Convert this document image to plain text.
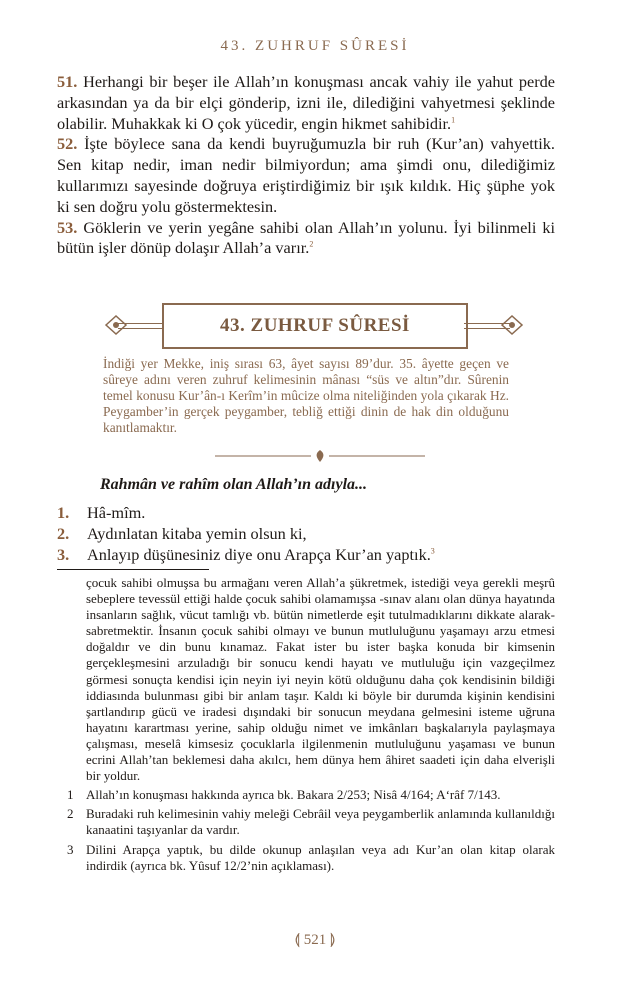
43. ZUHRUF SÛRESİ

51. Herhangi bir beşer ile Allah’ın konuşması ancak vahiy ile yahut perde arkasından ya da bir elçi gönderip, izni ile, dilediğini vahyetmesi şeklinde olabilir. Muhakkak ki O çok yücedir, engin hikmet sahibidir.$^1$

52. İşte böylece sana da kendi buyruğumuzla bir ruh (Kur’an) vahyettik. Sen kitap nedir, iman nedir bilmiyordun; ama şimdi onu, dilediğimiz kullarımızı sayesinde doğruya eriştirdiğimiz bir ışık kıldık. Hiç şüphe yok ki sen doğru yolu göstermektesin.

53. Göklerin ve yerin yegâne sahibi olan Allah’ın yolunu. İyi bilinmeli ki bütün işler dönüp dolaşır Allah’a varır.$^2$

43. ZUHRUF SÛRESİ
İndiği yer Mekke, iniş sırası 63, âyet sayısı 89’dur. 35. âyette geçen ve sûreye adını veren zuhruf kelimesinin mânası “süs ve altın”dır. Sûrenin temel konusu Kur’ân-ı Kerîm’in mûcize olma niteliğinden yola çıkarak Hz. Peygamber’in gerçek peygamber, tebliğ ettiği dinin de hak din olduğunu kanıtlamaktır.
Rahmân ve rahîm olan Allah’ın adıyla...
1.	Hâ-mîm.
2.	Aydınlatan kitaba yemin olsun ki,
3.	Anlayıp düşünesiniz diye onu Arapça Kur’an yaptık.$^3$

çocuk sahibi olmuşsa bu armağanı veren Allah’a şükretmek, istediği veya gerekli meşrû sebeplere tevessül ettiği halde çocuk sahibi olamamışsa -sınav alanı olan dünya hayatında insanların sağlık, vücut tamlığı vb. bütün nimetlerde eşit tutulmadıklarını dikkate alarak- sabretmektir. İnsanın çocuk sahibi olmayı ve bunun mutluluğunu yaşamayı arzu etmesi doğaldır ve din bunu kınamaz. Fakat ister bu ister başka konuda bir kimsenin gerçekleşmesini arzuladığı bir sonucu kendi hayatı ve mutluluğu için vazgeçilmez görmesi sonuçta kendisi için neyin iyi neyin kötü olduğunu daha çok kendisinin bildiği iddiasında bulunması gibi bir anlam taşır. Kaldı ki böyle bir durumda kişinin kendisini şartlandırıp gücü ve iradesi dışındaki bir sonucun meydana gelmesini isteme uğruna hayatını karartması yerine, sahip olduğu nimet ve imkânları başkalarıyla paylaşmaya çalışması, meselâ kimsesiz çocuklarla ilgilenmenin mutluluğunu yaşaması ve bunun ecrini Allah’tan beklemesi daha akılcı, hem dünya hem âhiret saadeti için daha elverişli bir yoldur.

1 Allah’ın konuşması hakkında ayrıca bk. Bakara 2/253; Nisâ 4/164; A‘râf 7/143.
2 Buradaki ruh kelimesinin vahiy meleği Cebrâil veya peygamberlik anlamında kullanıldığı kanaatini taşıyanlar da vardır.
3 Dilini Arapça yaptık, bu dilde okunup anlaşılan veya adı Kur’an olan kitap olarak indirdik (ayrıca bk. Yûsuf 12/2’nin açıklaması).
⟬ 521 ⟭
